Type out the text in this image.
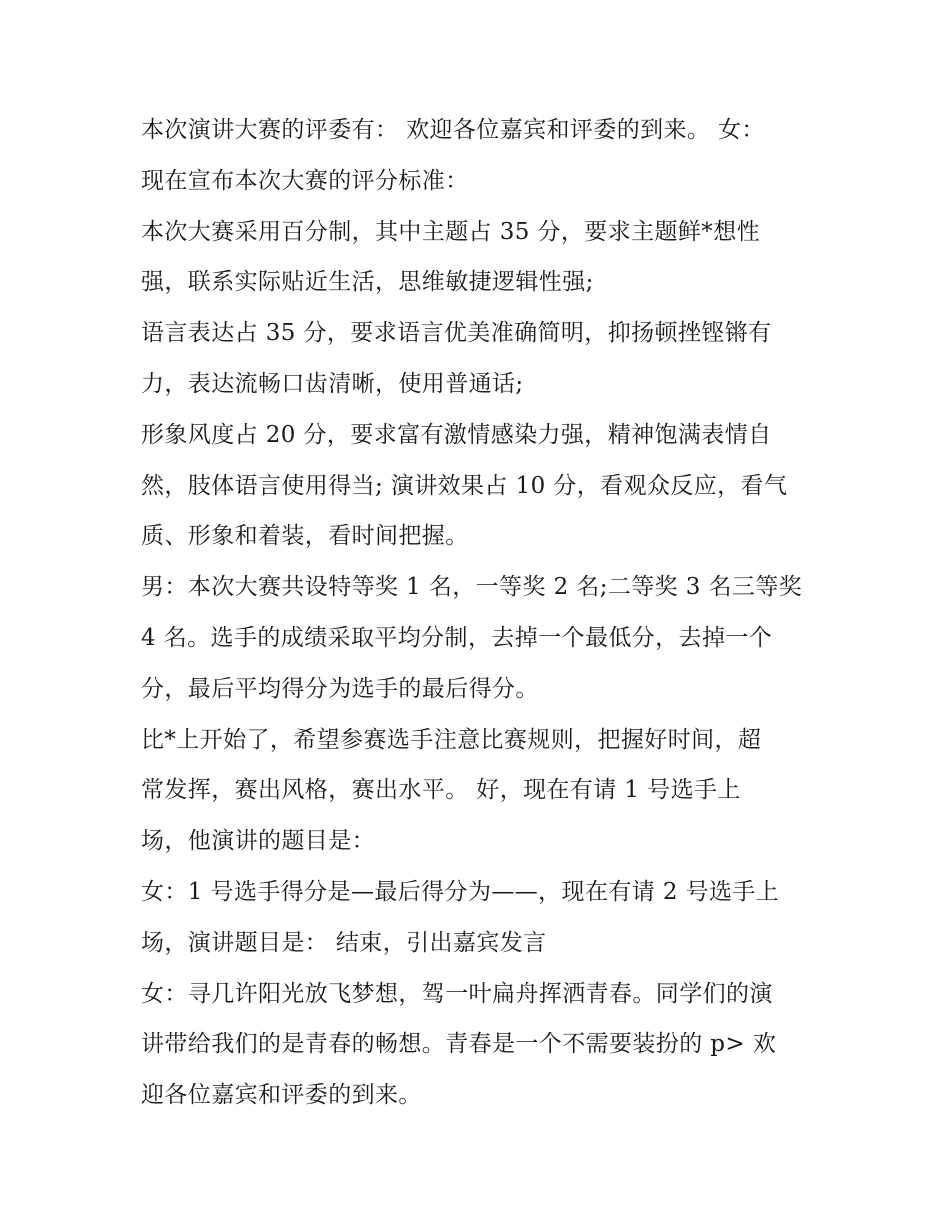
本次演讲大赛的评委有： 欢迎各位嘉宾和评委的到来。 女：
现在宣布本次大赛的评分标准：
本次大赛采用百分制，其中主题占 35 分，要求主题鲜*想性
强，联系实际贴近生活，思维敏捷逻辑性强;
语言表达占 35 分，要求语言优美准确简明，抑扬顿挫铿锵有
力，表达流畅口齿清晰，使用普通话;
形象风度占 20 分，要求富有激情感染力强，精神饱满表情自
然，肢体语言使用得当; 演讲效果占 10 分，看观众反应，看气
质、形象和着装，看时间把握。
男：本次大赛共设特等奖 1 名，一等奖 2 名;二等奖 3 名三等奖
4 名。选手的成绩采取平均分制，去掉一个最低分，去掉一个
分，最后平均得分为选手的最后得分。
比*上开始了，希望参赛选手注意比赛规则，把握好时间，超
常发挥，赛出风格，赛出水平。 好，现在有请 1 号选手上
场，他演讲的题目是：
女：1 号选手得分是—最后得分为——，现在有请 2 号选手上
场，演讲题目是： 结束，引出嘉宾发言
女：寻几许阳光放飞梦想，驾一叶扁舟挥洒青春。同学们的演
讲带给我们的是青春的畅想。青春是一个不需要装扮的 p> 欢
迎各位嘉宾和评委的到来。
